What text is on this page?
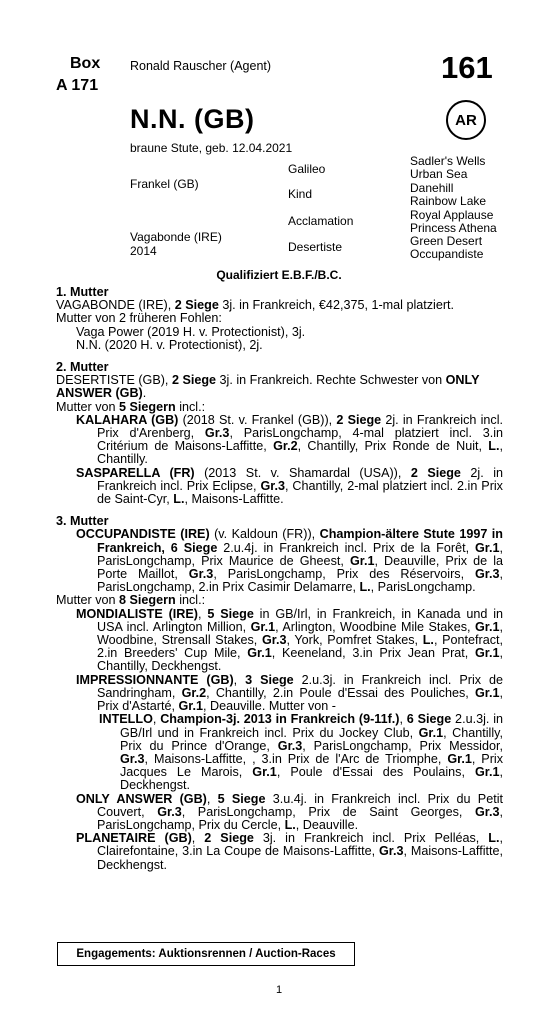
Box
A 171
Ronald Rauscher (Agent)	161
AR
N.N. (GB)
braune Stute, geb. 12.04.2021
Frankel (GB)
Vagabonde (IRE)
2014
Galileo
Kind
Acclamation
Desertiste
Sadler's Wells
Urban Sea
Danehill
Rainbow Lake
Royal Applause
Princess Athena
Green Desert
Occupandiste
Qualifiziert E.B.F./B.C.
1. Mutter
VAGABONDE (IRE), 2 Siege 3j. in Frankreich, €42,375, 1-mal platziert.
Mutter von 2 früheren Fohlen:
Vaga Power (2019 H. v. Protectionist), 3j.
N.N. (2020 H. v. Protectionist), 2j.
2. Mutter
DESERTISTE (GB), 2 Siege 3j. in Frankreich. Rechte Schwester von ONLY ANSWER (GB).
Mutter von 5 Siegern incl.:
KALAHARA (GB) (2018 St. v. Frankel (GB)), 2 Siege 2j. in Frankreich incl. Prix d'Arenberg, Gr.3, ParisLongchamp, 4-mal platziert incl. 3.in Critérium de Maisons-Laffitte, Gr.2, Chantilly, Prix Ronde de Nuit, L., Chantilly.
SASPARELLA (FR) (2013 St. v. Shamardal (USA)), 2 Siege 2j. in Frankreich incl. Prix Eclipse, Gr.3, Chantilly, 2-mal platziert incl. 2.in Prix de Saint-Cyr, L., Maisons-Laffitte.
3. Mutter
OCCUPANDISTE (IRE) (v. Kaldoun (FR)), Champion-ältere Stute 1997 in Frankreich, 6 Siege 2.u.4j. in Frankreich incl. Prix de la Forêt, Gr.1, ParisLongchamp, Prix Maurice de Gheest, Gr.1, Deauville, Prix de la Porte Maillot, Gr.3, ParisLongchamp, Prix des Réservoirs, Gr.3, ParisLongchamp, 2.in Prix Casimir Delamarre, L., ParisLongchamp.
Mutter von 8 Siegern incl.:
MONDIALISTE (IRE), 5 Siege in GB/Irl, in Frankreich, in Kanada und in USA incl. Arlington Million, Gr.1, Arlington, Woodbine Mile Stakes, Gr.1, Woodbine, Strensall Stakes, Gr.3, York, Pomfret Stakes, L., Pontefract, 2.in Breeders' Cup Mile, Gr.1, Keeneland, 3.in Prix Jean Prat, Gr.1, Chantilly, Deckhengst.
IMPRESSIONNANTE (GB), 3 Siege 2.u.3j. in Frankreich incl. Prix de Sandringham, Gr.2, Chantilly, 2.in Poule d'Essai des Pouliches, Gr.1, Prix d'Astarté, Gr.1, Deauville. Mutter von -
INTELLO, Champion-3j. 2013 in Frankreich (9-11f.), 6 Siege 2.u.3j. in GB/Irl und in Frankreich incl. Prix du Jockey Club, Gr.1, Chantilly, Prix du Prince d'Orange, Gr.3, ParisLongchamp, Prix Messidor, Gr.3, Maisons-Laffitte, , 3.in Prix de l'Arc de Triomphe, Gr.1, Prix Jacques Le Marois, Gr.1, Poule d'Essai des Poulains, Gr.1, Deckhengst.
ONLY ANSWER (GB), 5 Siege 3.u.4j. in Frankreich incl. Prix du Petit Couvert, Gr.3, ParisLongchamp, Prix de Saint Georges, Gr.3, ParisLongchamp, Prix du Cercle, L., Deauville.
PLANETAIRE (GB), 2 Siege 3j. in Frankreich incl. Prix Pelléas, L., Clairefontaine, 3.in La Coupe de Maisons-Laffitte, Gr.3, Maisons-Laffitte, Deckhengst.
Engagements: Auktionsrennen / Auction-Races
1
